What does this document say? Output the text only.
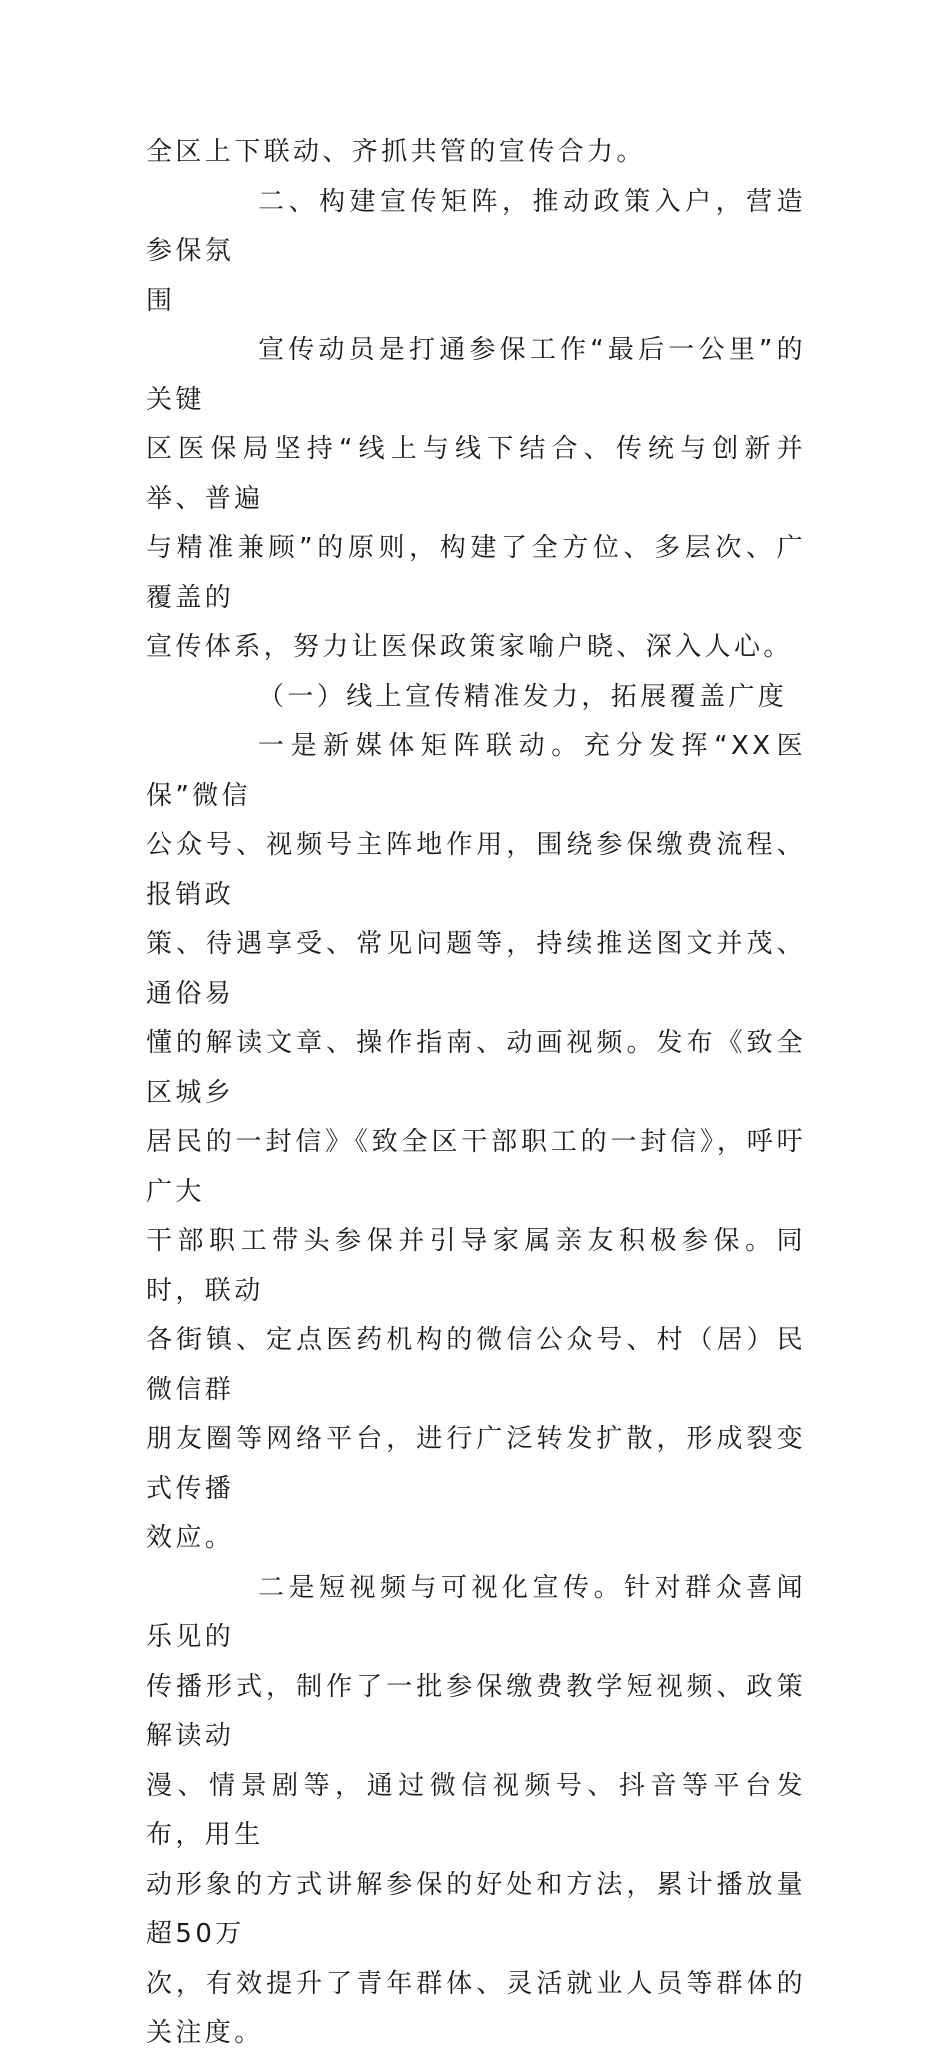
全区上下联动、齐抓共管的宣传合力。

二、构建宣传矩阵，推动政策入户，营造参保氛
围

宣传动员是打通参保工作“最后一公里”的关键
区医保局坚持“线上与线下结合、传统与创新并举、普遍
与精准兼顾”的原则，构建了全方位、多层次、广覆盖的
宣传体系，努力让医保政策家喻户晓、深入人心。

（一）线上宣传精准发力，拓展覆盖广度

一是新媒体矩阵联动。充分发挥“XX医保”微信
公众号、视频号主阵地作用，围绕参保缴费流程、报销政
策、待遇享受、常见问题等，持续推送图文并茂、通俗易
懂的解读文章、操作指南、动画视频。发布《致全区城乡
居民的一封信》《致全区干部职工的一封信》，呼吁广大
干部职工带头参保并引导家属亲友积极参保。同时，联动
各街镇、定点医药机构的微信公众号、村（居）民微信群
朋友圈等网络平台，进行广泛转发扩散，形成裂变式传播
效应。

二是短视频与可视化宣传。针对群众喜闻乐见的
传播形式，制作了一批参保缴费教学短视频、政策解读动
漫、情景剧等，通过微信视频号、抖音等平台发布，用生
动形象的方式讲解参保的好处和方法，累计播放量超50万
次，有效提升了青年群体、灵活就业人员等群体的关注度。
